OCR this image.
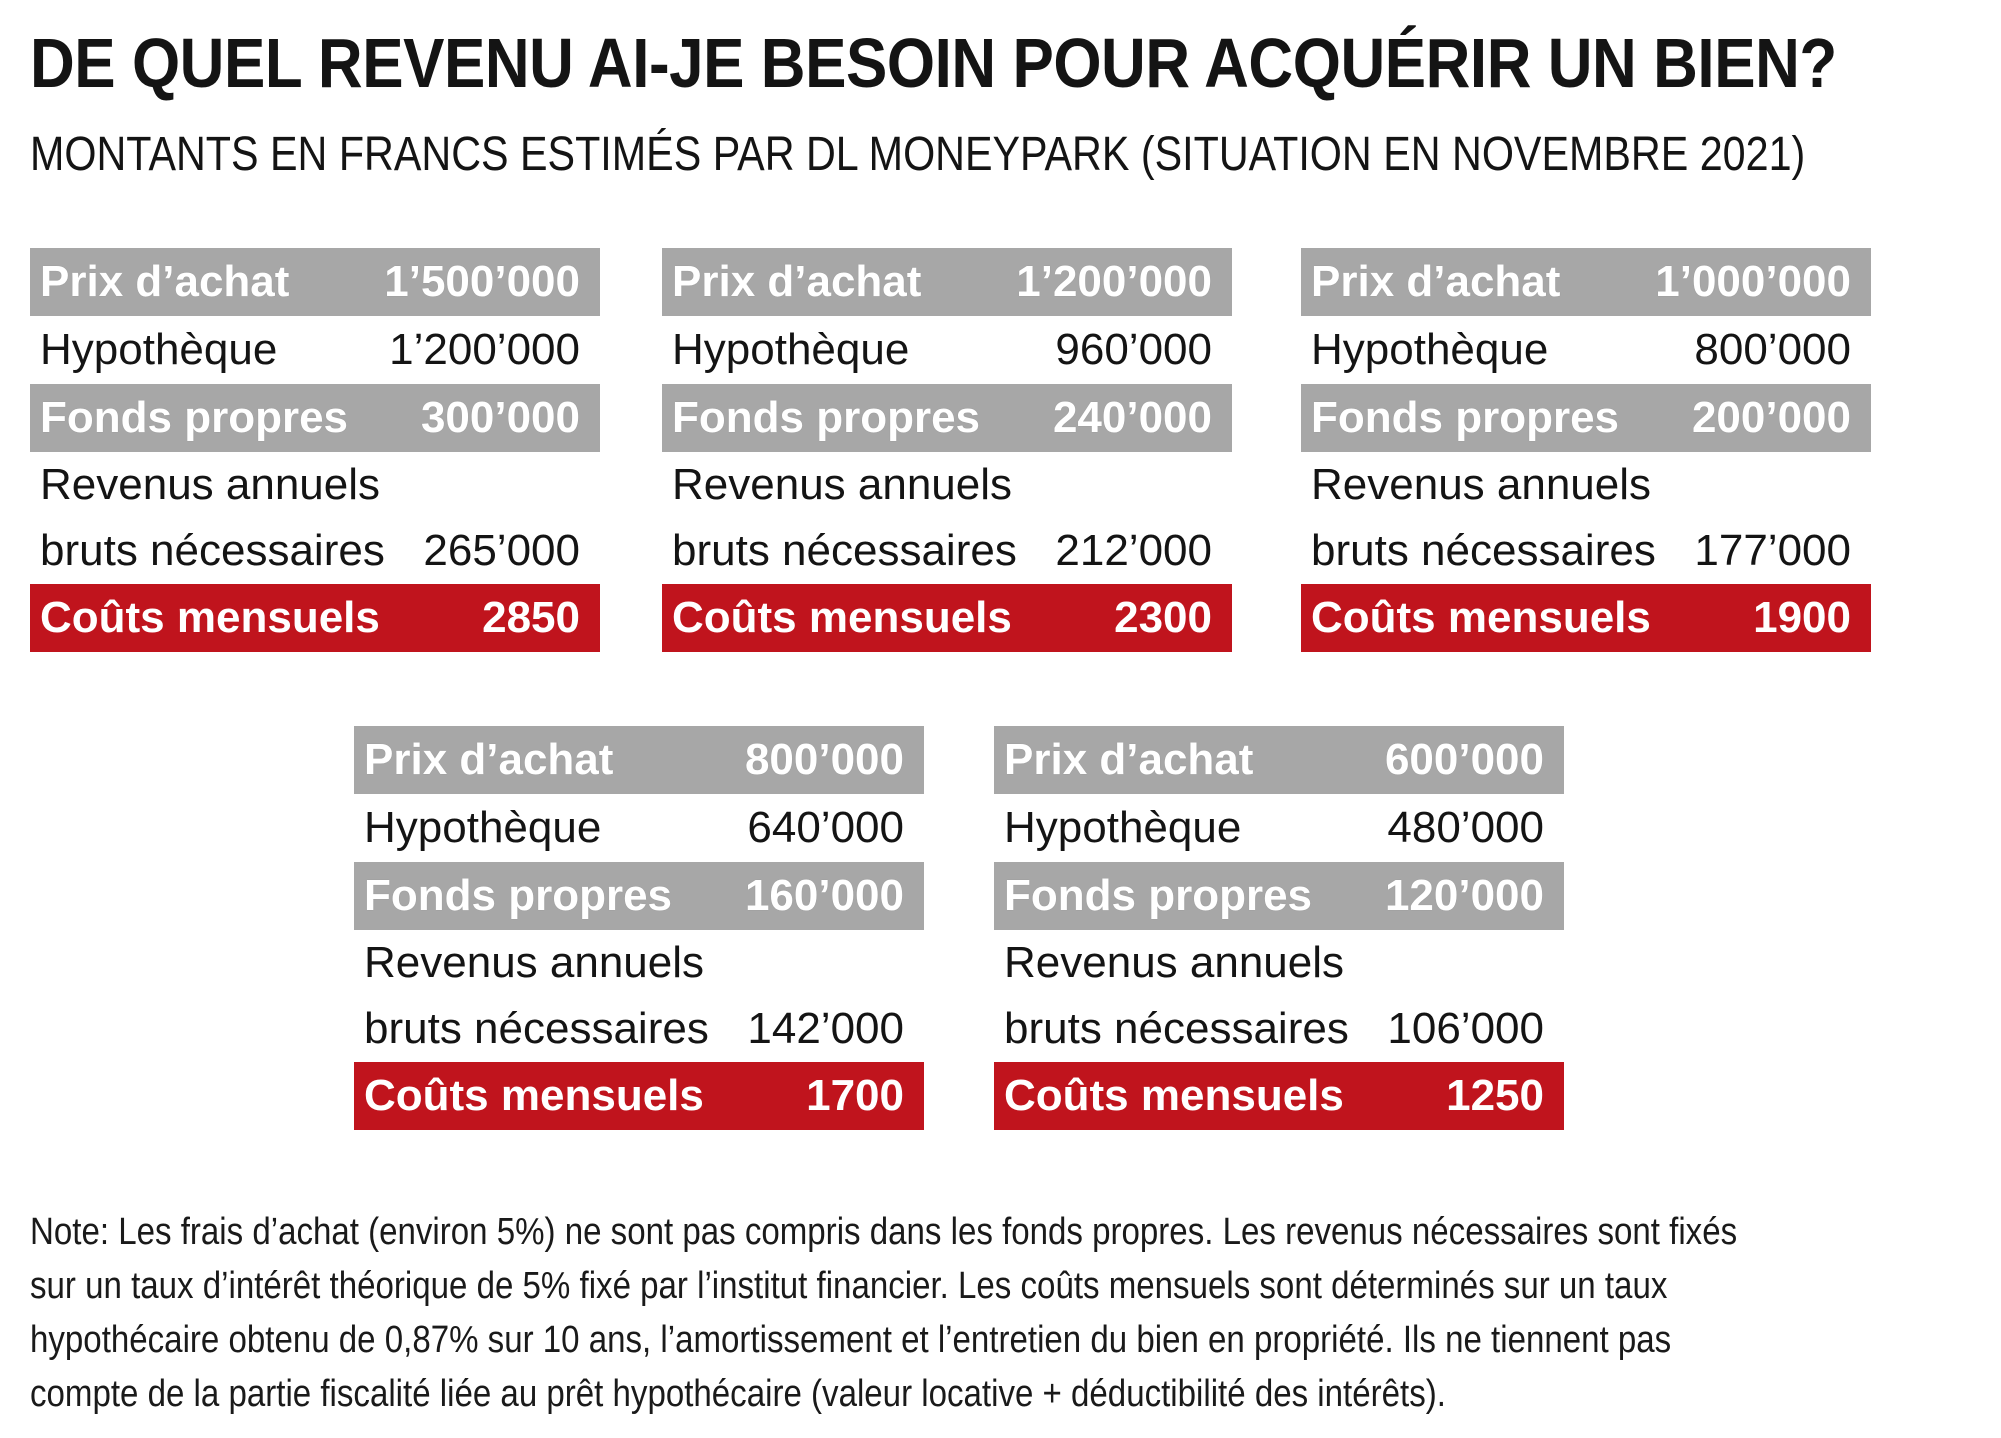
DE QUEL REVENU AI-JE BESOIN POUR ACQUÉRIR UN BIEN?
MONTANTS EN FRANCS ESTIMÉS PAR DL MONEYPARK (SITUATION EN NOVEMBRE 2021)
Prix d’achat 1’500’000
Hypothèque	1’200’000
Fonds propres 300’000
Revenus annuels
bruts nécessaires 265’000
Coûts mensuels 2850
Prix d’achat 1’200’000
Hypothèque	960’000
Fonds propres 240’000
Revenus annuels
bruts nécessaires 212’000
Coûts mensuels 2300
Prix d’achat 1’000’000
Hypothèque	800’000
Fonds propres 200’000
Revenus annuels
bruts nécessaires 177’000
Coûts mensuels 1900
Prix d’achat	800’000
Hypothèque	640’000
Fonds propres 160’000
Revenus annuels
bruts nécessaires 142’000
Coûts mensuels 1700
Prix d’achat	600’000
Hypothèque	480’000
Fonds propres 120’000
Revenus annuels
bruts nécessaires 106’000
Coûts mensuels 1250

Note: Les frais d’achat (environ 5%) ne sont pas compris dans les fonds propres. Les revenus nécessaires sont fixés

sur un taux d’intérêt théorique de 5% fixé par l’institut financier. Les coûts mensuels sont déterminés sur un taux

hypothécaire obtenu de 0,87% sur 10 ans, l’amortissement et l’entretien du bien en propriété. Ils ne tiennent pas

compte de la partie fiscalité liée au prêt hypothécaire (valeur locative + déductibilité des intérêts).
